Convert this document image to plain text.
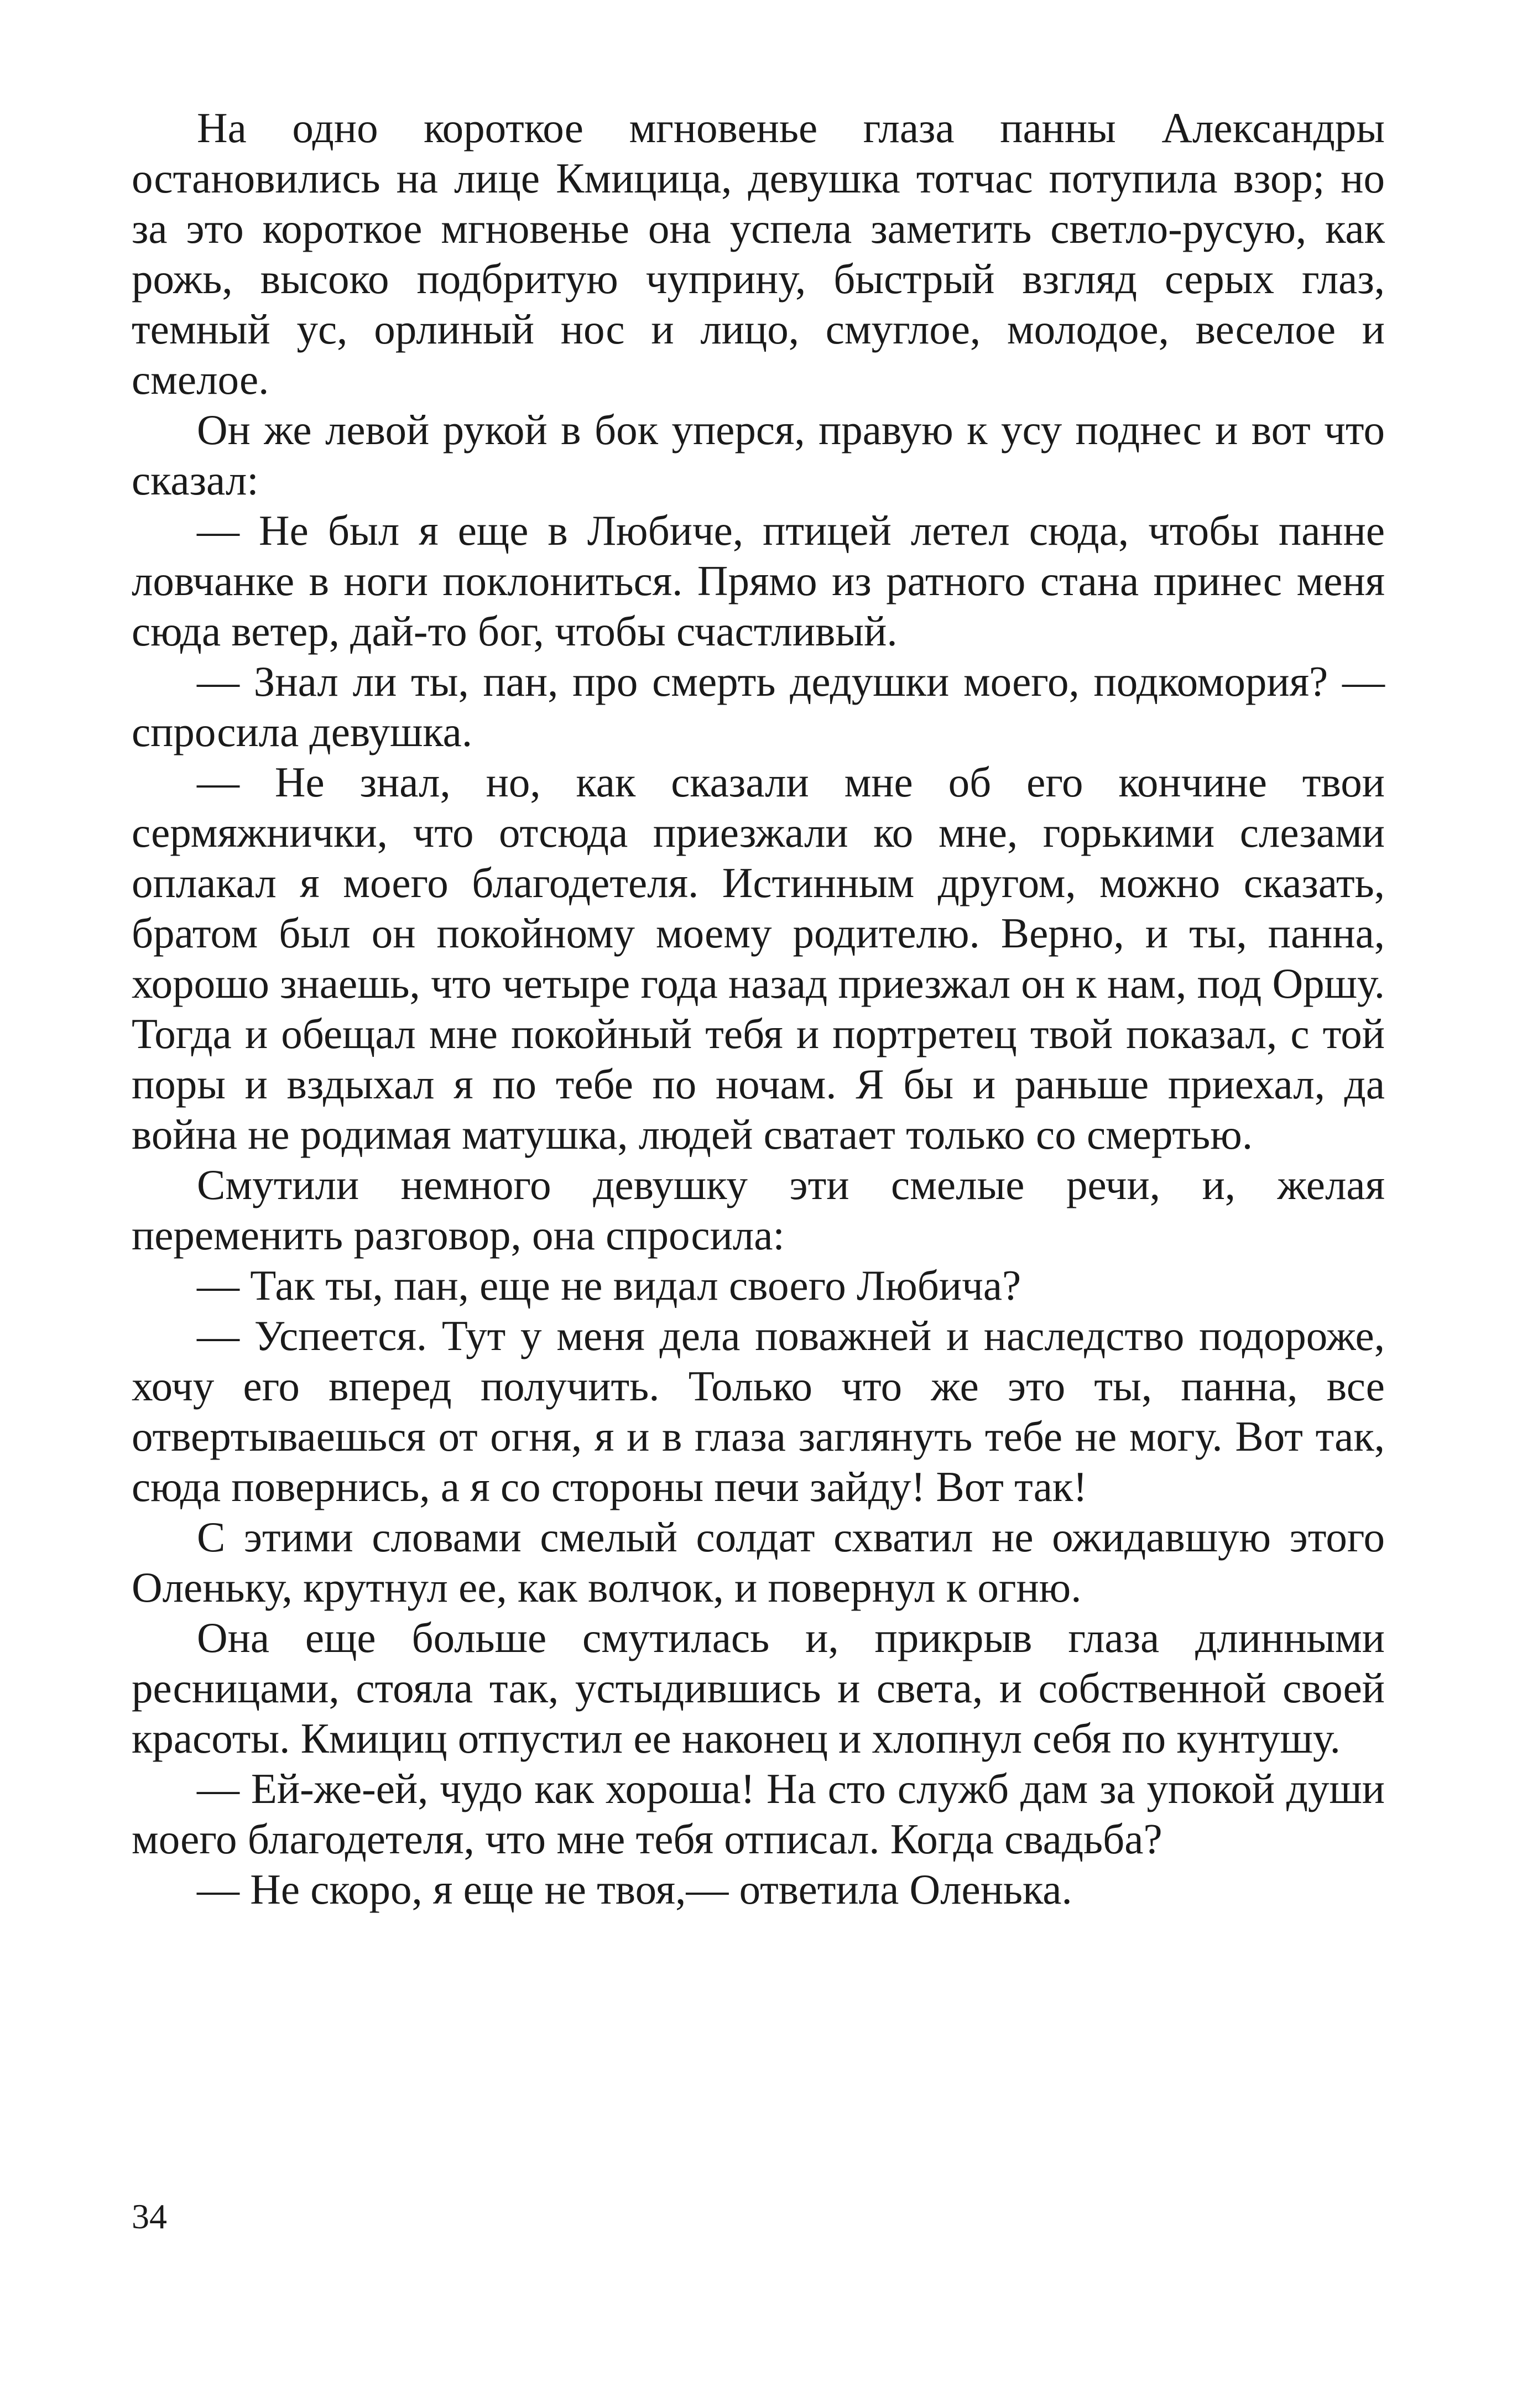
На одно короткое мгновенье глаза панны Александры остановились на лице Кмицица, девушка тотчас потупила взор; но за это короткое мгновенье она успела заметить светло-русую, как рожь, высоко подбритую чуприну, быстрый взгляд серых глаз, темный ус, орлиный нос и лицо, смуглое, молодое, веселое и смелое.

Он же левой рукой в бок уперся, правую к усу поднес и вот что сказал:

— Не был я еще в Любиче, птицей летел сюда, чтобы панне ловчанке в ноги поклониться. Прямо из ратного стана принес меня сюда ветер, дай-то бог, чтобы счастливый.

— Знал ли ты, пан, про смерть дедушки моего, подкомория? — спросила девушка.

— Не знал, но, как сказали мне об его кончине твои сермяжнички, что отсюда приезжали ко мне, горькими слезами оплакал я моего благодетеля. Истинным другом, можно сказать, братом был он покойному моему родителю. Верно, и ты, панна, хорошо знаешь, что четыре года назад приезжал он к нам, под Оршу. Тогда и обещал мне покойный тебя и портретец твой показал, с той поры и вздыхал я по тебе по ночам. Я бы и раньше приехал, да война не родимая матушка, людей сватает только со смертью.

Смутили немного девушку эти смелые речи, и, желая переменить разговор, она спросила:

— Так ты, пан, еще не видал своего Любича?

— Успеется. Тут у меня дела поважней и наследство подороже, хочу его вперед получить. Только что же это ты, панна, все отвертываешься от огня, я и в глаза заглянуть тебе не могу. Вот так, сюда повернись, а я со стороны печи зайду! Вот так!

С этими словами смелый солдат схватил не ожидавшую этого Оленьку, крутнул ее, как волчок, и повернул к огню.

Она еще больше смутилась и, прикрыв глаза длинными ресницами, стояла так, устыдившись и света, и собственной своей красоты. Кмициц отпустил ее наконец и хлопнул себя по кунтушу.

— Ей-же-ей, чудо как хороша! На сто служб дам за упокой души моего благодетеля, что мне тебя отписал. Когда свадьба?

— Не скоро, я еще не твоя,— ответила Оленька.

34
